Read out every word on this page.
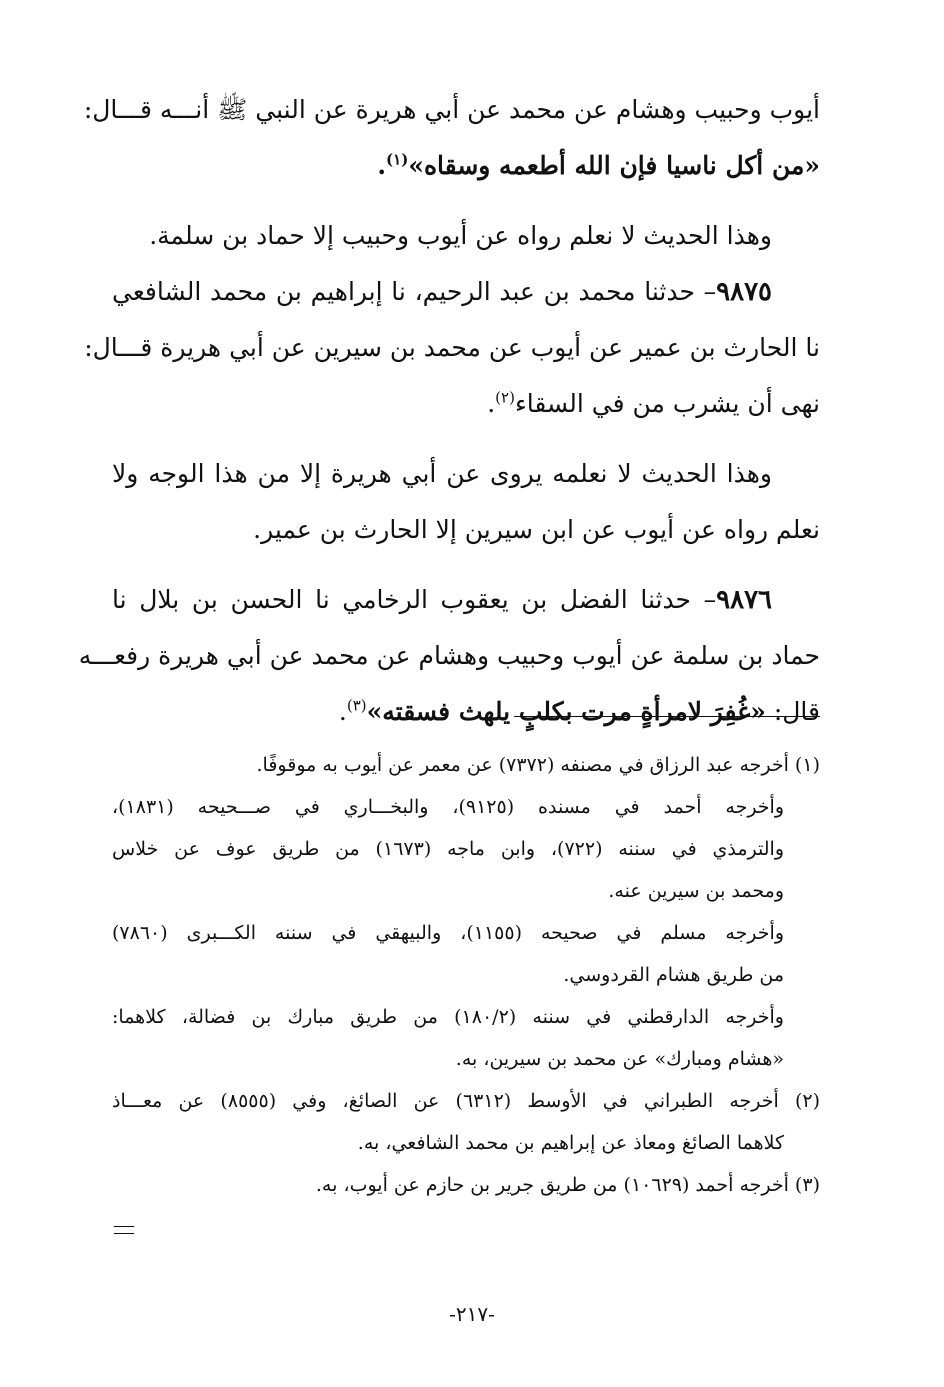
أيوب وحبيب وهشام عن محمد عن أبي هريرة عن النبي ﷺ أنـــه قـــال:
«من أكل ناسيا فإن الله أطعمه وسقاه»$^{(١)}$.
وهذا الحديث لا نعلم رواه عن أيوب وحبيب إلا حماد بن سلمة.
٩٨٧٥– حدثنا محمد بن عبد الرحيم، نا إبراهيم بن محمد الشافعي
نا الحارث بن عمير عن أيوب عن محمد بن سيرين عن أبي هريرة قـــال:
نهى أن يشرب من في السقاء$^{(٢)}$.
وهذا الحديث لا نعلمه يروى عن أبي هريرة إلا من هذا الوجه ولا
نعلم رواه عن أيوب عن ابن سيرين إلا الحارث بن عمير.
٩٨٧٦– حدثنا الفضل بن يعقوب الرخامي نا الحسن بن بلال نا
حماد بن سلمة عن أيوب وحبيب وهشام عن محمد عن أبي هريرة رفعـــه
قال: «غُفِرَ لامرأةٍ مرت بكلبٍ يلهث فسقته»$^{(٣)}$.
(١) أخرجه عبد الرزاق في مصنفه (٧٣٧٢) عن معمر عن أيوب به موقوفًا.
وأخرجه أحمد في مسنده (٩١٢٥)، والبخـــاري في صـــحيحه (١٨٣١)،
والترمذي في سننه (٧٢٢)، وابن ماجه (١٦٧٣) من طريق عوف عن خلاس
ومحمد بن سيرين عنه.
وأخرجه مسلم في صحيحه (١١٥٥)، والبيهقي في سننه الكـــبرى (٧٨٦٠)
من طريق هشام القردوسي.
وأخرجه الدارقطني في سننه (١٨٠/٢) من طريق مبارك بن فضالة، كلاهما:
«هشام ومبارك» عن محمد بن سيرين، به.
(٢) أخرجه الطبراني في الأوسط (٦٣١٢) عن الصائغ، وفي (٨٥٥٥) عن معـــاذ
كلاهما الصائغ ومعاذ عن إبراهيم بن محمد الشافعي، به.
(٣) أخرجه أحمد (١٠٦٢٩) من طريق جرير بن حازم عن أيوب، به.
-٢١٧-
